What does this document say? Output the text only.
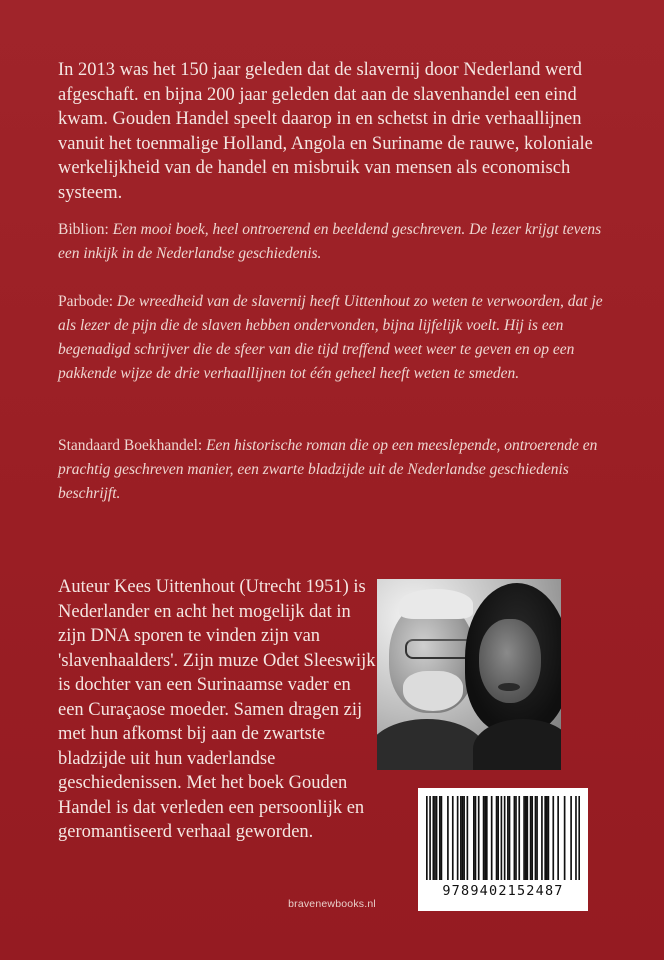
In 2013 was het 150 jaar geleden dat de slavernij door Nederland werd afgeschaft. en bijna 200 jaar geleden dat aan de slavenhandel een eind kwam. Gouden Handel speelt daarop in en schetst in drie verhaallijnen vanuit het toenmalige Holland, Angola en Suriname de rauwe, koloniale werkelijkheid van de handel en misbruik van mensen als economisch systeem.

Biblion: Een mooi boek, heel ontroerend en beeldend geschreven. De lezer krijgt tevens een inkijk in de Nederlandse geschiedenis.

Parbode: De wreedheid van de slavernij heeft Uittenhout zo weten te verwoorden, dat je als lezer de pijn die de slaven hebben ondervonden, bijna lijfelijk voelt. Hij is een begenadigd schrijver die de sfeer van die tijd treffend weet weer te geven en op een pakkende wijze de drie verhaallijnen tot één geheel heeft weten te smeden.

Standaard Boekhandel: Een historische roman die op een meeslepende, ontroerende en prachtig geschreven manier, een zwarte bladzijde uit de Nederlandse geschiedenis beschrijft.

Auteur Kees Uittenhout (Utrecht 1951) is Nederlander en acht het mogelijk dat in zijn DNA sporen te vinden zijn van 'slavenhaalders'. Zijn muze Odet Sleeswijk is dochter van een Surinaamse vader en een Curaçaose moeder. Samen dragen zij met hun afkomst bij aan de zwartste bladzijde uit hun vaderlandse geschiedenissen. Met het boek Gouden Handel is dat verleden een persoonlijk en geromantiseerd verhaal geworden.

9789402152487
bravenewbooks.nl
